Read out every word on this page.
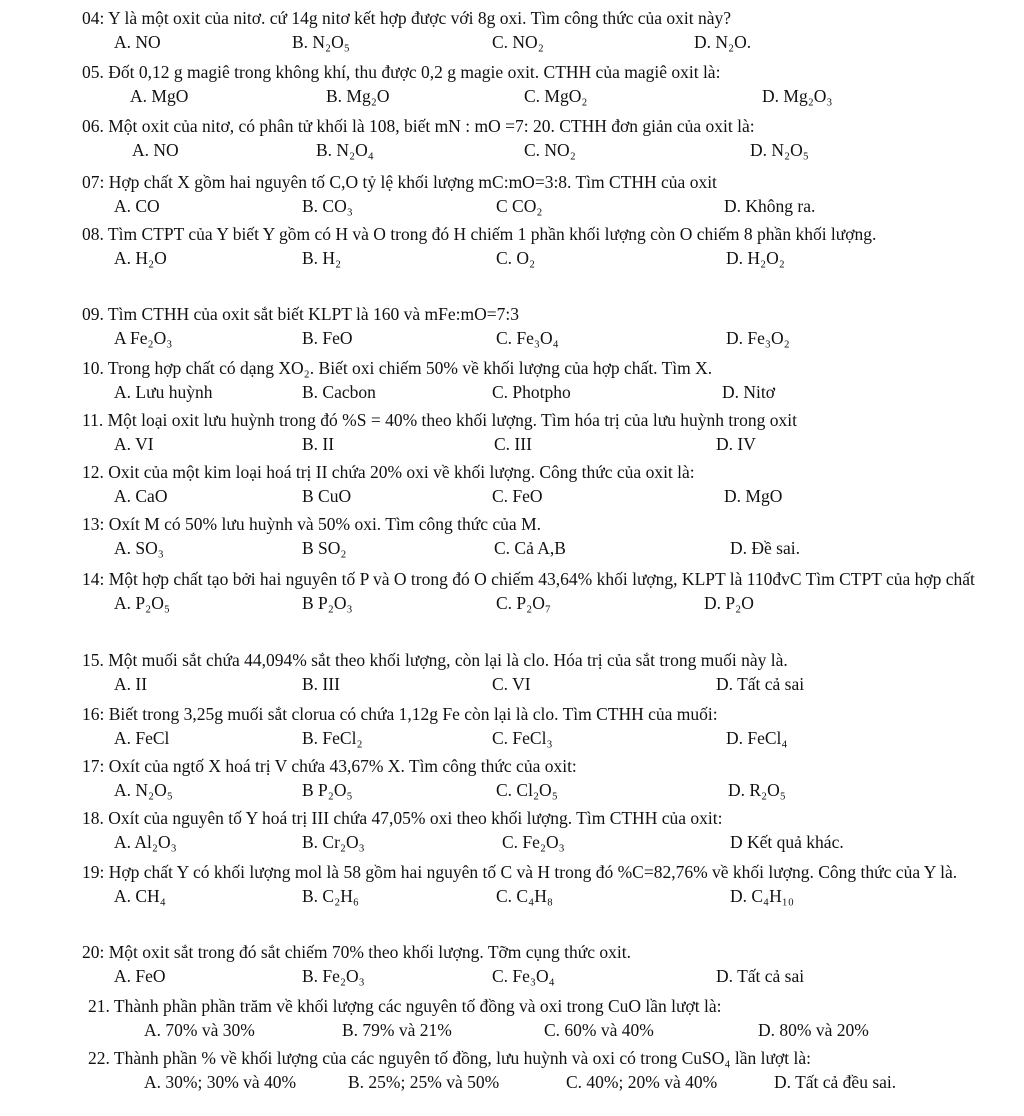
04: Y là một oxit của nitơ. cứ 14g nitơ kết hợp được với 8g oxi. Tìm công thức của oxit này?
A. NO	B. N₂O₅	C. NO₂	D. N₂O.
05. Đốt 0,12 g magiê trong không khí, thu được 0,2 g magie oxit. CTHH của magiê oxit là:
A. MgO	B. Mg₂O	C. MgO₂	D. Mg₂O₃
06. Một oxit của nitơ, có phân tử khối là 108, biết mN : mO =7: 20. CTHH đơn giản của oxit là:
A. NO	B. N₂O₄	C. NO₂	D. N₂O₅
07: Hợp chất X gồm hai nguyên tố C,O tỷ lệ khối lượng mC:mO=3:8. Tìm CTHH của oxit
A. CO	B. CO₃	C CO₂	D. Không ra.
08. Tìm CTPT của Y biết Y gồm có H và O trong đó H chiếm 1 phần khối lượng còn O chiếm 8 phần khối lượng.
A. H₂O	B. H₂	C. O₂	D. H₂O₂
09. Tìm CTHH của oxit sắt biết KLPT là 160 và mFe:mO=7:3
A Fe₂O₃	B. FeO	C. Fe₃O₄	D. Fe₃O₂
10. Trong hợp chất có dạng XO₂. Biết oxi chiếm 50% về khối lượng của hợp chất. Tìm X.
A. Lưu huỳnh	B. Cacbon	C. Photpho	D. Nitơ
11. Một loại oxit lưu huỳnh trong đó %S = 40% theo khối lượng. Tìm hóa trị của lưu huỳnh trong oxit
A. VI	B. II	C. III	D. IV
12. Oxit của một kim loại hoá trị II chứa 20% oxi về khối lượng. Công thức của oxit là:
A. CaO	B CuO	C. FeO	D. MgO
13: Oxít M có 50% lưu huỳnh và 50% oxi. Tìm công thức của M.
A. SO₃	B SO₂	C. Cả A,B	D. Đề sai.
14: Một hợp chất tạo bởi hai nguyên tố P và O trong đó O chiếm 43,64% khối lượng, KLPT là 110đvC Tìm CTPT của hợp chất
A. P₂O₅	B P₂O₃	C. P₂O₇	D. P₂O
15. Một muối sắt chứa 44,094% sắt theo khối lượng, còn lại là clo. Hóa trị của sắt trong muối này là.
A. II	B. III	C. VI	D. Tất cả sai
16: Biết trong 3,25g muối sắt clorua có chứa 1,12g Fe còn lại là clo. Tìm CTHH của muối:
A. FeCl	B. FeCl₂	C. FeCl₃	D. FeCl₄
17: Oxít của ngtố X hoá trị V chứa 43,67% X. Tìm công thức của oxit:
A. N₂O₅	B P₂O₅	C. Cl₂O₅	D. R₂O₅
18. Oxít của nguyên tố Y hoá trị III chứa 47,05% oxi theo khối lượng. Tìm CTHH của oxit:
A. Al₂O₃	B. Cr₂O₃	C. Fe₂O₃	D Kết quả khác.
19: Hợp chất Y có khối lượng mol là 58 gồm hai nguyên tố C và H trong đó %C=82,76% về khối lượng. Công thức của Y là.
A. CH₄	B. C₂H₆	C. C₄H₈	D. C₄H₁₀
20: Một oxit sắt trong đó sắt chiếm 70% theo khối lượng. Tỡm cụng thức oxit.
A. FeO	B. Fe₂O₃	C. Fe₃O₄	D. Tất cả sai
21. Thành phần phần trăm về khối lượng các nguyên tố đồng và oxi trong CuO lần lượt là:
A. 70% và 30%	B. 79% và 21%	C. 60% và 40%	D. 80% và 20%
22. Thành phần % về khối lượng của các nguyên tố đồng, lưu huỳnh và oxi có trong CuSO₄ lần lượt là:
A. 30%; 30% và 40%	B. 25%; 25% và 50%	C. 40%; 20% và 40%	D. Tất cả đều sai.
